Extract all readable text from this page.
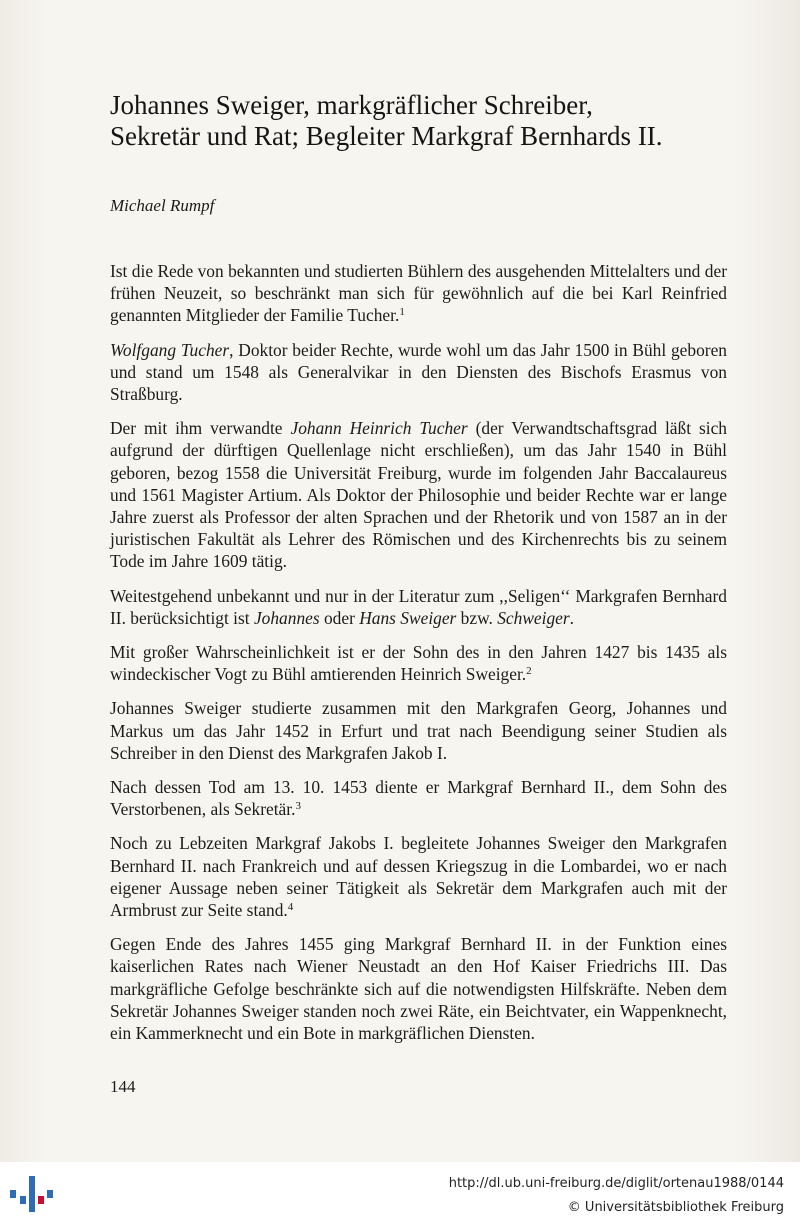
Johannes Sweiger, markgräflicher Schreiber,
Sekretär und Rat; Begleiter Markgraf Bernhards II.
Michael Rumpf

Ist die Rede von bekannten und studierten Bühlern des ausgehenden Mittelalters und der frühen Neuzeit, so beschränkt man sich für gewöhnlich auf die bei Karl Reinfried genannten Mitglieder der Familie Tucher.$^1$

Wolfgang Tucher, Doktor beider Rechte, wurde wohl um das Jahr 1500 in Bühl geboren und stand um 1548 als Generalvikar in den Diensten des Bischofs Erasmus von Straßburg.

Der mit ihm verwandte Johann Heinrich Tucher (der Verwandtschaftsgrad läßt sich aufgrund der dürftigen Quellenlage nicht erschließen), um das Jahr 1540 in Bühl geboren, bezog 1558 die Universität Freiburg, wurde im folgenden Jahr Baccalaureus und 1561 Magister Artium. Als Doktor der Philosophie und beider Rechte war er lange Jahre zuerst als Professor der alten Sprachen und der Rhetorik und von 1587 an in der juristischen Fakultät als Lehrer des Römischen und des Kirchenrechts bis zu seinem Tode im Jahre 1609 tätig.

Weitestgehend unbekannt und nur in der Literatur zum ,,Seligen‘‘ Markgrafen Bernhard II. berücksichtigt ist Johannes oder Hans Sweiger bzw. Schweiger.

Mit großer Wahrscheinlichkeit ist er der Sohn des in den Jahren 1427 bis 1435 als windeckischer Vogt zu Bühl amtierenden Heinrich Sweiger.$^2$

Johannes Sweiger studierte zusammen mit den Markgrafen Georg, Johannes und Markus um das Jahr 1452 in Erfurt und trat nach Beendigung seiner Studien als Schreiber in den Dienst des Markgrafen Jakob I.

Nach dessen Tod am 13. 10. 1453 diente er Markgraf Bernhard II., dem Sohn des Verstorbenen, als Sekretär.$^3$

Noch zu Lebzeiten Markgraf Jakobs I. begleitete Johannes Sweiger den Markgrafen Bernhard II. nach Frankreich und auf dessen Kriegszug in die Lombardei, wo er nach eigener Aussage neben seiner Tätigkeit als Sekretär dem Markgrafen auch mit der Armbrust zur Seite stand.$^4$

Gegen Ende des Jahres 1455 ging Markgraf Bernhard II. in der Funktion eines kaiserlichen Rates nach Wiener Neustadt an den Hof Kaiser Friedrichs III. Das markgräfliche Gefolge beschränkte sich auf die notwendigsten Hilfskräfte. Neben dem Sekretär Johannes Sweiger standen noch zwei Räte, ein Beichtvater, ein Wappenknecht, ein Kammerknecht und ein Bote in markgräflichen Diensten.

144
http://dl.ub.uni-freiburg.de/diglit/ortenau1988/0144
© Universitätsbibliothek Freiburg
